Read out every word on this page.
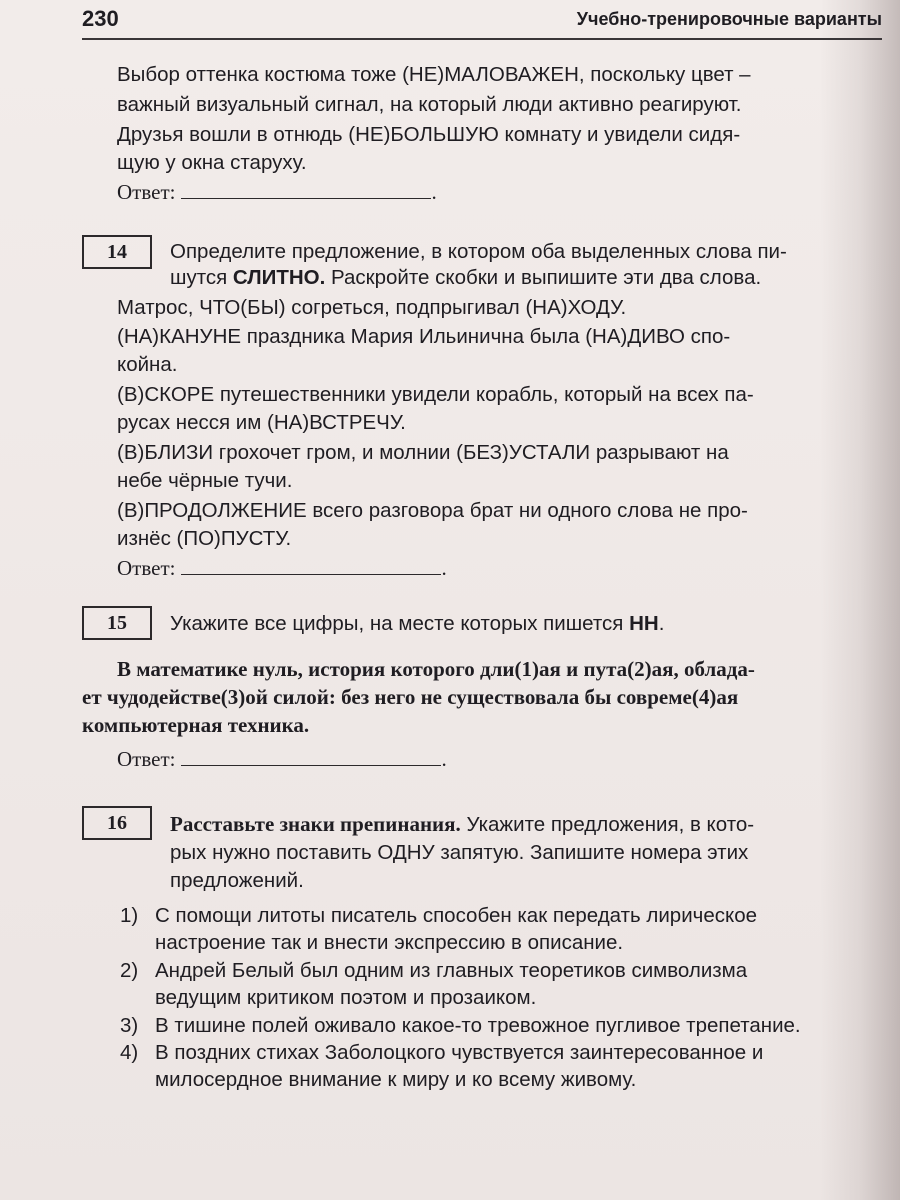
230	Учебно-тренировочные варианты
Выбор оттенка костюма тоже (НЕ)МАЛОВАЖЕН, поскольку цвет –
важный визуальный сигнал, на который люди активно реагируют.
Друзья вошли в отнюдь (НЕ)БОЛЬШУЮ комнату и увидели сидя-
щую у окна старуху.
Ответ:	.
14	Определите предложение, в котором оба выделенных слова пи-
шутся СЛИТНО. Раскройте скобки и выпишите эти два слова.
Матрос, ЧТО(БЫ) согреться, подпрыгивал (НА)ХОДУ.
(НА)КАНУНЕ праздника Мария Ильинична была (НА)ДИВО спо-
койна.
(В)СКОРЕ путешественники увидели корабль, который на всех па-
русах несся им (НА)ВСТРЕЧУ.
(В)БЛИЗИ грохочет гром, и молнии (БЕЗ)УСТАЛИ разрывают на
небе чёрные тучи.
(В)ПРОДОЛЖЕНИЕ всего разговора брат ни одного слова не про-
изнёс (ПО)ПУСТУ.
Ответ:	.
15	Укажите все цифры, на месте которых пишется НН.
В математике нуль, история которого дли(1)ая и пута(2)ая, облада-
ет чудодействе(3)ой силой: без него не существовала бы совреме(4)ая
компьютерная техника.
Ответ:	.
16	Расставьте знаки препинания. Укажите предложения, в кото-
рых нужно поставить ОДНУ запятую. Запишите номера этих
предложений.
1) С помощи литоты писатель способен как передать лирическое
настроение так и внести экспрессию в описание.
2) Андрей Белый был одним из главных теоретиков символизма
ведущим критиком поэтом и прозаиком.
3) В тишине полей оживало какое-то тревожное пугливое трепетание.
4) В поздних стихах Заболоцкого чувствуется заинтересованное и
милосердное внимание к миру и ко всему живому.
